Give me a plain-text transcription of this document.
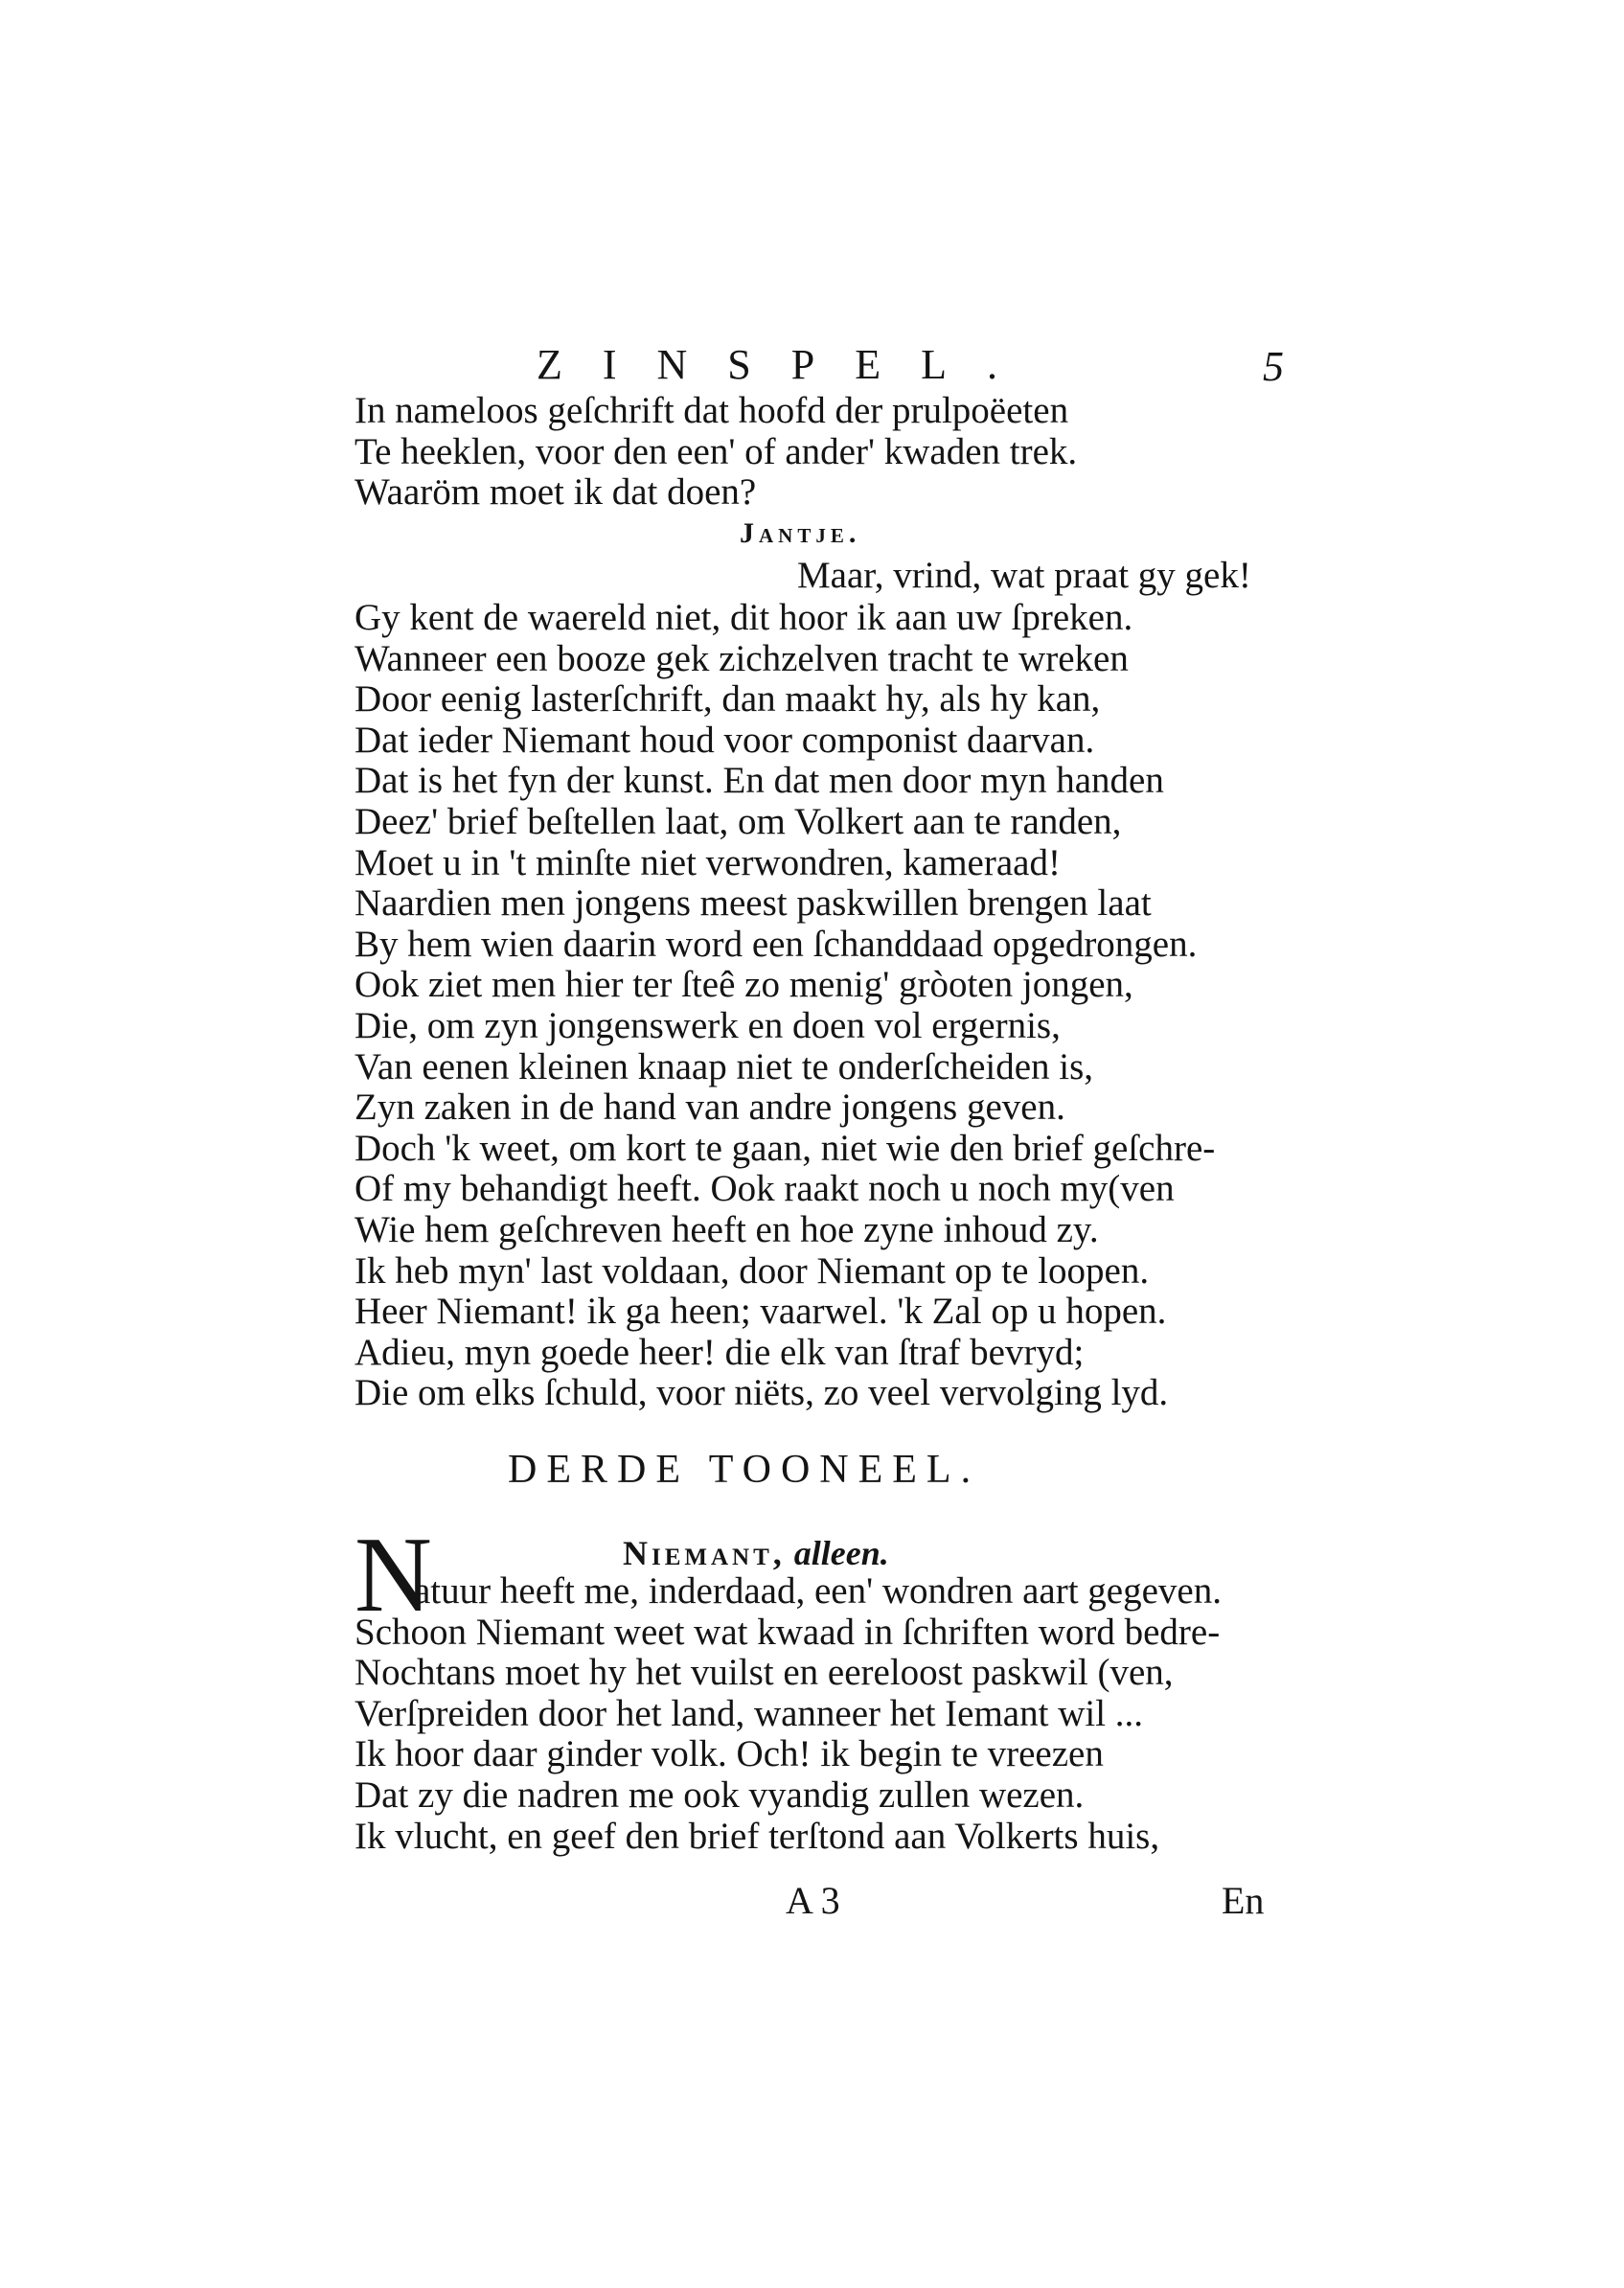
ZINSPEL.	5
In nameloos geſchrift dat hoofd der prulpoëeten
Te heeklen, voor den een' of ander' kwaden trek.
Waaröm moet ik dat doen?
Jantje.
Maar, vrind, wat praat gy gek!
Gy kent de waereld niet, dit hoor ik aan uw ſpreken.
Wanneer een booze gek zichzelven tracht te wreken
Door eenig lasterſchrift, dan maakt hy, als hy kan,
Dat ieder Niemant houd voor componist daarvan.
Dat is het fyn der kunst. En dat men door myn handen
Deez' brief beſtellen laat, om Volkert aan te randen,
Moet u in 't minſte niet verwondren, kameraad!
Naardien men jongens meest paskwillen brengen laat
By hem wien daarin word een ſchanddaad opgedrongen.
Ook ziet men hier ter ſteê zo menig' gròoten jongen,
Die, om zyn jongenswerk en doen vol ergernis,
Van eenen kleinen knaap niet te onderſcheiden is,
Zyn zaken in de hand van andre jongens geven.
Doch 'k weet, om kort te gaan, niet wie den brief geſchre-
Of my behandigt heeft. Ook raakt noch u noch my(ven
Wie hem geſchreven heeft en hoe zyne inhoud zy.
Ik heb myn' last voldaan, door Niemant op te loopen.
Heer Niemant! ik ga heen; vaarwel. 'k Zal op u hopen.
Adieu, myn goede heer! die elk van ſtraf bevryd;
Die om elks ſchuld, voor niëts, zo veel vervolging lyd.
DERDE TOONEEL.
N	Niemant, alleen.
atuur heeft me, inderdaad, een' wondren aart gegeven.
Schoon Niemant weet wat kwaad in ſchriften word bedre-
Nochtans moet hy het vuilst en eereloost paskwil (ven,
Verſpreiden door het land, wanneer het Iemant wil ...
Ik hoor daar ginder volk. Och! ik begin te vreezen
Dat zy die nadren me ook vyandig zullen wezen.
Ik vlucht, en geef den brief terſtond aan Volkerts huis,
A 3	En
